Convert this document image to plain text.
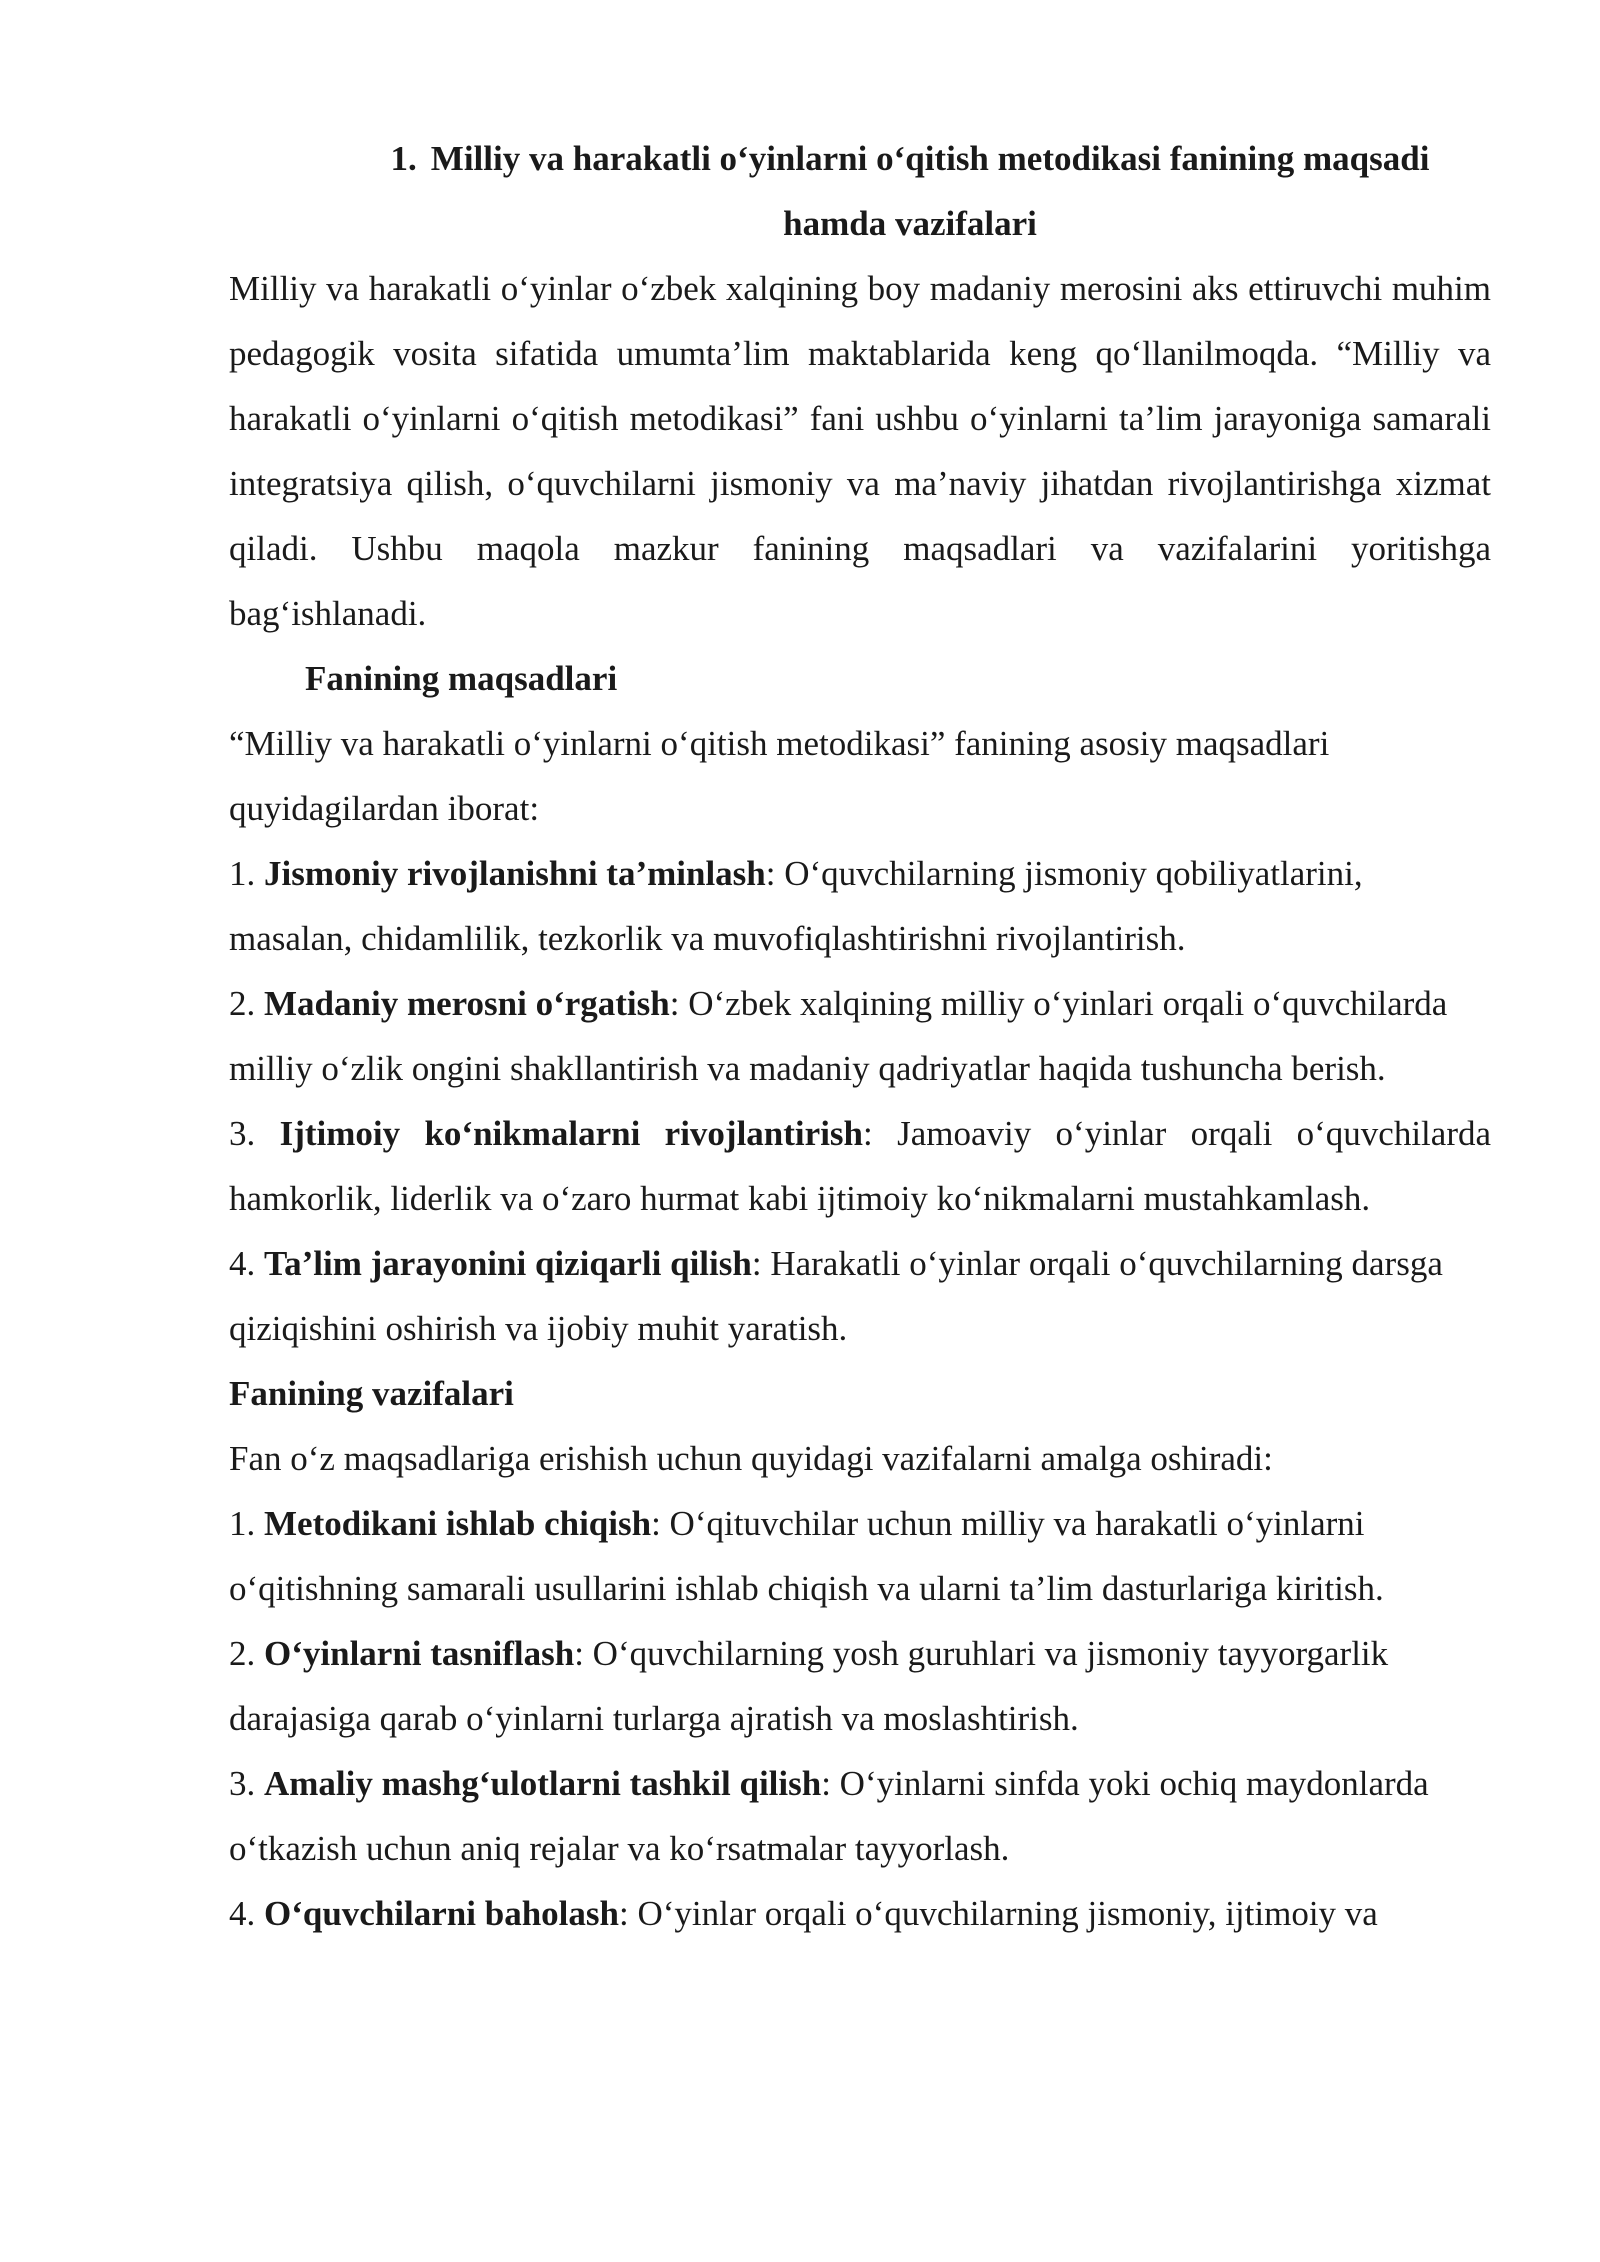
1. Milliy va harakatli o‘yinlarni o‘qitish metodikasi fanining maqsadi
hamda vazifalari

Milliy va harakatli o‘yinlar o‘zbek xalqining boy madaniy merosini aks ettiruvchi muhim pedagogik vosita sifatida umumta’lim maktablarida keng qo‘llanilmoqda. “Milliy va harakatli o‘yinlarni o‘qitish metodikasi” fani ushbu o‘yinlarni ta’lim jarayoniga samarali integratsiya qilish, o‘quvchilarni jismoniy va ma’naviy jihatdan rivojlantirishga xizmat qiladi. Ushbu maqola mazkur fanining maqsadlari va vazifalarini yoritishga bag‘ishlanadi.

Fanining maqsadlari

“Milliy va harakatli o‘yinlarni o‘qitish metodikasi” fanining asosiy maqsadlari quyidagilardan iborat:

1. Jismoniy rivojlanishni ta’minlash: O‘quvchilarning jismoniy qobiliyatlarini, masalan, chidamlilik, tezkorlik va muvofiqlashtirishni rivojlantirish.

2. Madaniy merosni o‘rgatish: O‘zbek xalqining milliy o‘yinlari orqali o‘quvchilarda milliy o‘zlik ongini shakllantirish va madaniy qadriyatlar haqida tushuncha berish.

3. Ijtimoiy ko‘nikmalarni rivojlantirish: Jamoaviy o‘yinlar orqali o‘quvchilarda hamkorlik, liderlik va o‘zaro hurmat kabi ijtimoiy ko‘nikmalarni mustahkamlash.

4. Ta’lim jarayonini qiziqarli qilish: Harakatli o‘yinlar orqali o‘quvchilarning darsga qiziqishini oshirish va ijobiy muhit yaratish.

Fanining vazifalari

Fan o‘z maqsadlariga erishish uchun quyidagi vazifalarni amalga oshiradi:

1. Metodikani ishlab chiqish: O‘qituvchilar uchun milliy va harakatli o‘yinlarni o‘qitishning samarali usullarini ishlab chiqish va ularni ta’lim dasturlariga kiritish.

2. O‘yinlarni tasniflash: O‘quvchilarning yosh guruhlari va jismoniy tayyorgarlik darajasiga qarab o‘yinlarni turlarga ajratish va moslashtirish.

3. Amaliy mashg‘ulotlarni tashkil qilish: O‘yinlarni sinfda yoki ochiq maydonlarda o‘tkazish uchun aniq rejalar va ko‘rsatmalar tayyorlash.

4. O‘quvchilarni baholash: O‘yinlar orqali o‘quvchilarning jismoniy, ijtimoiy va
